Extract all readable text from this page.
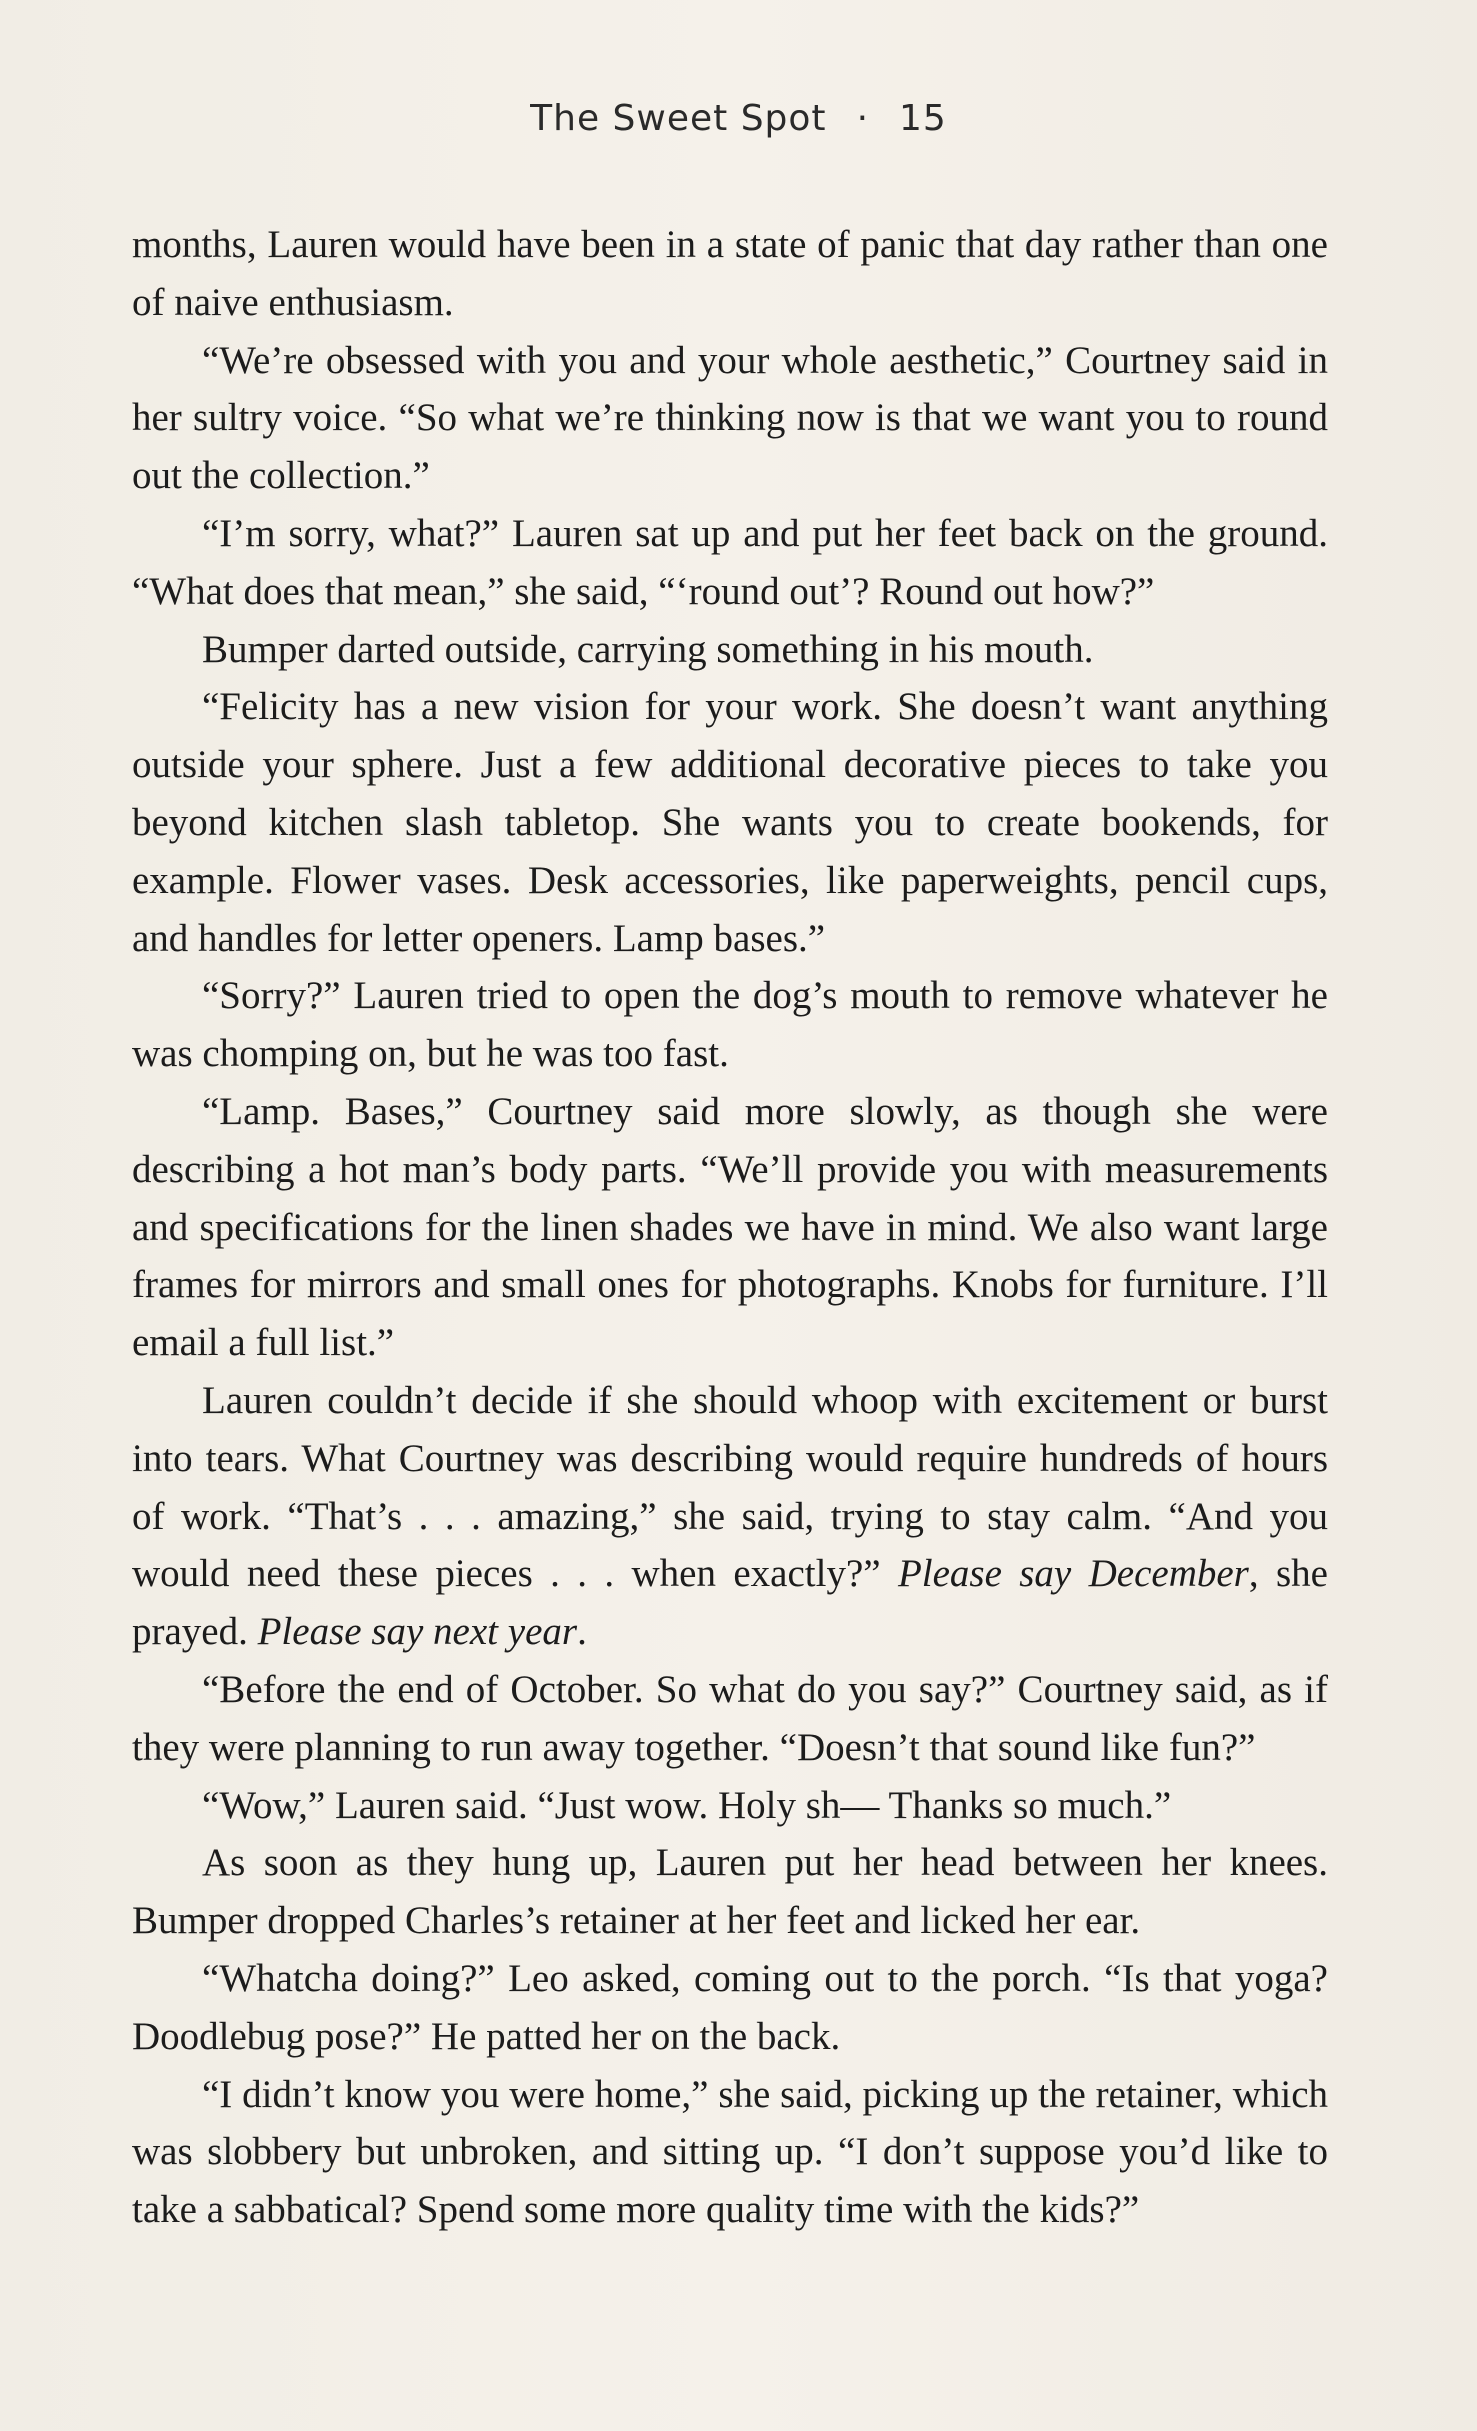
The Sweet Spot · 15

months, Lauren would have been in a state of panic that day rather than one of naive enthusiasm.

“We’re obsessed with you and your whole aesthetic,” Courtney said in her sultry voice. “So what we’re thinking now is that we want you to round out the collection.”

“I’m sorry, what?” Lauren sat up and put her feet back on the ground. “What does that mean,” she said, “‘round out’? Round out how?”

Bumper darted outside, carrying something in his mouth.

“Felicity has a new vision for your work. She doesn’t want anything outside your sphere. Just a few additional decorative pieces to take you beyond kitchen slash tabletop. She wants you to create bookends, for example. Flower vases. Desk accessories, like paperweights, pencil cups, and handles for letter openers. Lamp bases.”

“Sorry?” Lauren tried to open the dog’s mouth to remove whatever he was chomping on, but he was too fast.

“Lamp. Bases,” Courtney said more slowly, as though she were describing a hot man’s body parts. “We’ll provide you with measurements and specifications for the linen shades we have in mind. We also want large frames for mirrors and small ones for photographs. Knobs for furniture. I’ll email a full list.”

Lauren couldn’t decide if she should whoop with excitement or burst into tears. What Courtney was describing would require hundreds of hours of work. “That’s . . . amazing,” she said, trying to stay calm. “And you would need these pieces . . . when exactly?” Please say December, she prayed. Please say next year.

“Before the end of October. So what do you say?” Courtney said, as if they were planning to run away together. “Doesn’t that sound like fun?”

“Wow,” Lauren said. “Just wow. Holy sh— Thanks so much.”

As soon as they hung up, Lauren put her head between her knees. Bumper dropped Charles’s retainer at her feet and licked her ear.

“Whatcha doing?” Leo asked, coming out to the porch. “Is that yoga? Doodlebug pose?” He patted her on the back.

“I didn’t know you were home,” she said, picking up the retainer, which was slobbery but unbroken, and sitting up. “I don’t suppose you’d like to take a sabbatical? Spend some more quality time with the kids?”
